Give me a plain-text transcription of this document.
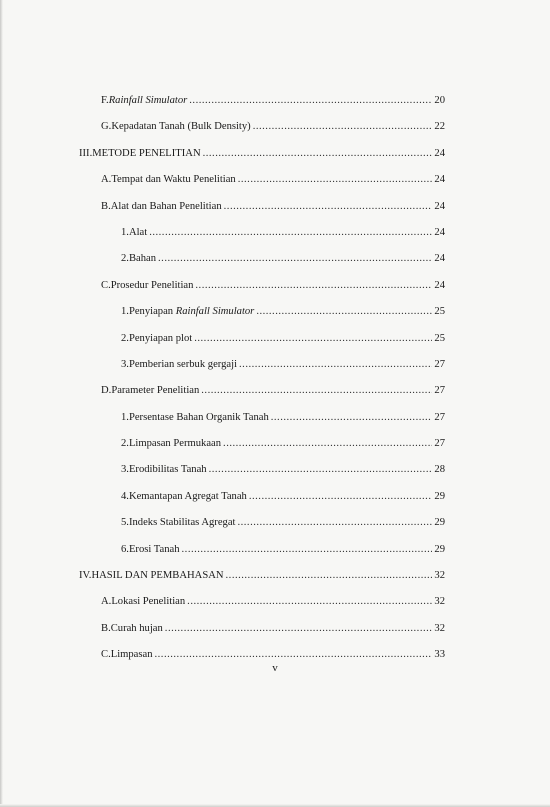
F. Rainfall Simulator .....	20
G. Kepadatan Tanah (Bulk Density) .....	22
III. METODE PENELITIAN .....	24
A. Tempat dan Waktu Penelitian .....	24
B. Alat dan Bahan Penelitian .....	24
1. Alat .....	24
2. Bahan .....	24
C. Prosedur Penelitian .....	24
1. Penyiapan Rainfall Simulator .....	25
2. Penyiapan plot .....	25
3. Pemberian serbuk gergaji .....	27
D. Parameter Penelitian .....	27
1. Persentase Bahan Organik Tanah .....	27
2. Limpasan Permukaan .....	27
3. Erodibilitas Tanah .....	28
4. Kemantapan Agregat Tanah .....	29
5. Indeks Stabilitas Agregat .....	29
6. Erosi Tanah .....	29
IV. HASIL DAN PEMBAHASAN .....	32
A. Lokasi Penelitian .....	32
B. Curah hujan .....	32
C. Limpasan .....	33
v
